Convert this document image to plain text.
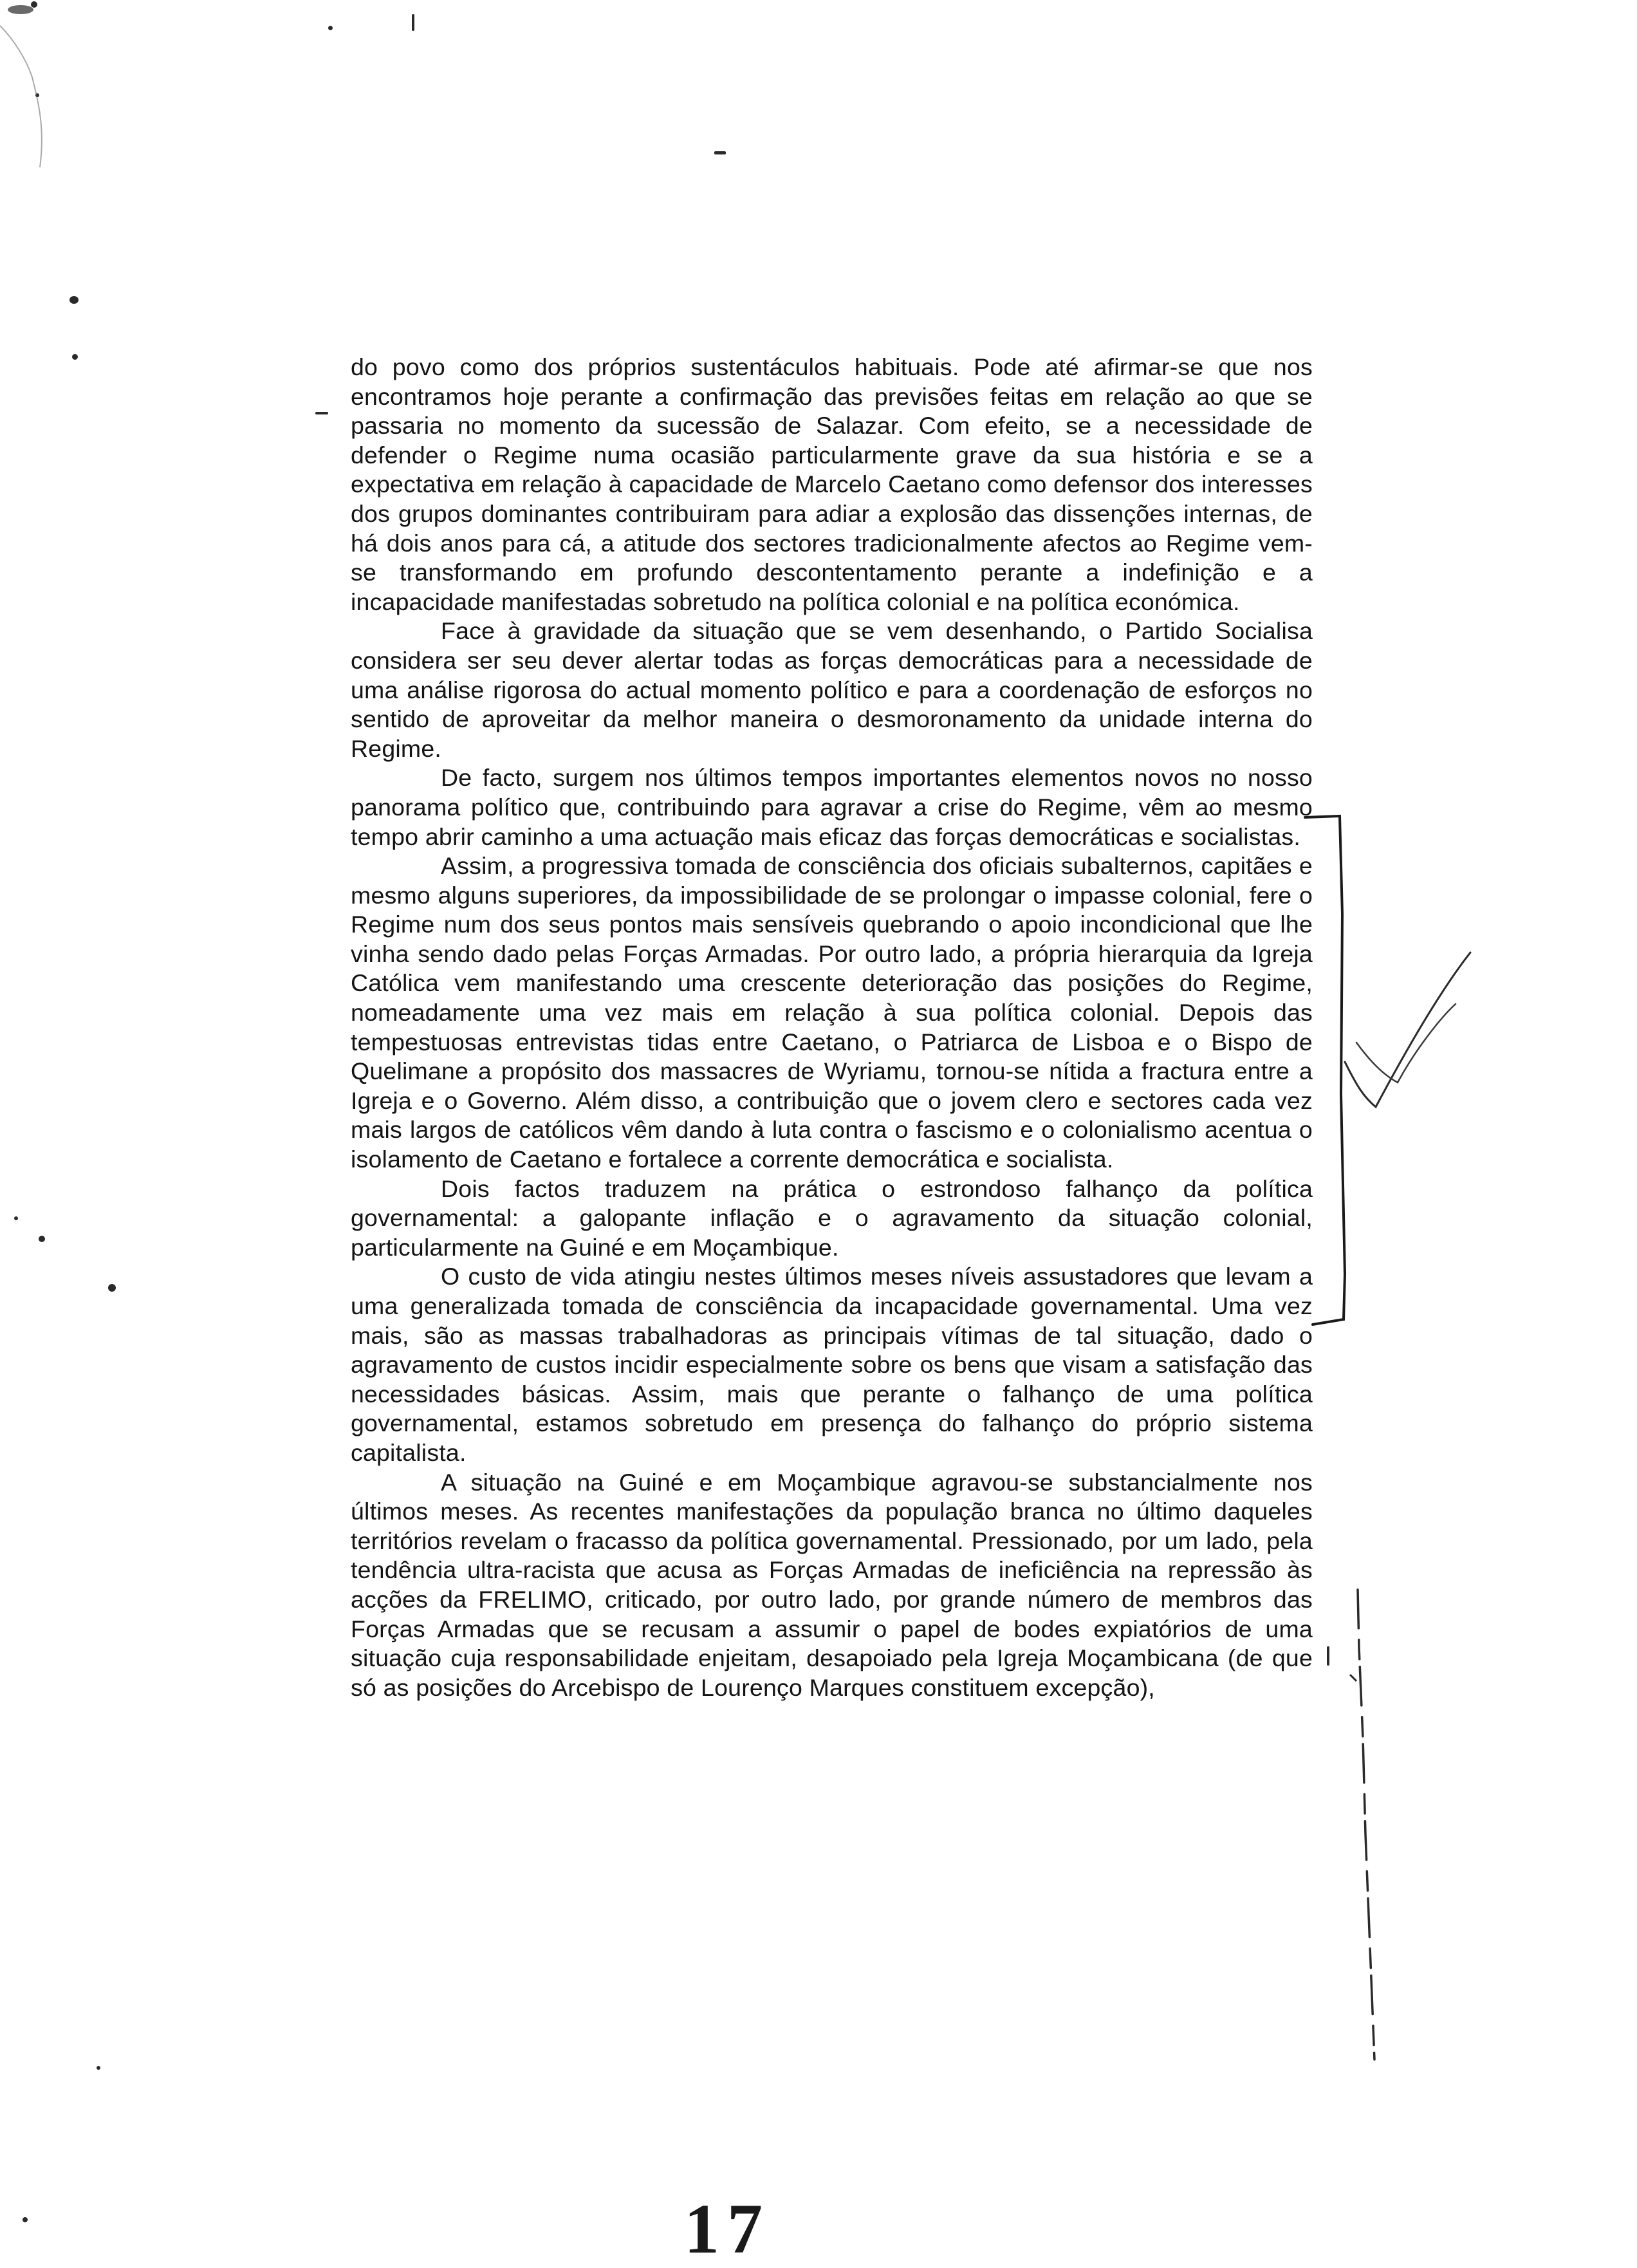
do povo como dos próprios sustentáculos habituais. Pode até afirmar-se que nos encontramos hoje perante a confirmação das previsões feitas em relação ao que se passaria no momento da sucessão de Salazar. Com efeito, se a necessidade de defender o Regime numa ocasião particularmente grave da sua história e se a expectativa em relação à capacidade de Marcelo Caetano como defensor dos interesses dos grupos dominantes contribuiram para adiar a explosão das dissenções internas, de há dois anos para cá, a atitude dos sectores tradicionalmente afectos ao Regime vem-se transformando em profundo descontentamento perante a indefinição e a incapacidade manifestadas sobretudo na política colonial e na política económica.

Face à gravidade da situação que se vem desenhando, o Partido Socialisa considera ser seu dever alertar todas as forças democráticas para a necessidade de uma análise rigorosa do actual momento político e para a coordenação de esforços no sentido de aproveitar da melhor maneira o desmoronamento da unidade interna do Regime.

De facto, surgem nos últimos tempos importantes elementos novos no nosso panorama político que, contribuindo para agravar a crise do Regime, vêm ao mesmo tempo abrir caminho a uma actuação mais eficaz das forças democráticas e socialistas.

Assim, a progressiva tomada de consciência dos oficiais subalternos, capitães e mesmo alguns superiores, da impossibilidade de se prolongar o impasse colonial, fere o Regime num dos seus pontos mais sensíveis quebrando o apoio incondicional que lhe vinha sendo dado pelas Forças Armadas. Por outro lado, a própria hierarquia da Igreja Católica vem manifestando uma crescente deterioração das posições do Regime, nomeadamente uma vez mais em relação à sua política colonial. Depois das tempestuosas entrevistas tidas entre Caetano, o Patriarca de Lisboa e o Bispo de Quelimane a propósito dos massacres de Wyriamu, tornou-se nítida a fractura entre a Igreja e o Governo. Além disso, a contribuição que o jovem clero e sectores cada vez mais largos de católicos vêm dando à luta contra o fascismo e o colonialismo acentua o isolamento de Caetano e fortalece a corrente democrática e socialista.

Dois factos traduzem na prática o estrondoso falhanço da política governamental: a galopante inflação e o agravamento da situação colonial, particularmente na Guiné e em Moçambique.

O custo de vida atingiu nestes últimos meses níveis assustadores que levam a uma generalizada tomada de consciência da incapacidade governamental. Uma vez mais, são as massas trabalhadoras as principais vítimas de tal situação, dado o agravamento de custos incidir especialmente sobre os bens que visam a satisfação das necessidades básicas. Assim, mais que perante o falhanço de uma política governamental, estamos sobretudo em presença do falhanço do próprio sistema capitalista.

A situação na Guiné e em Moçambique agravou-se substancialmente nos últimos meses. As recentes manifestações da população branca no último daqueles territórios revelam o fracasso da política governamental. Pressionado, por um lado, pela tendência ultra-racista que acusa as Forças Armadas de ineficiência na repressão às acções da FRELIMO, criticado, por outro lado, por grande número de membros das Forças Armadas que se recusam a assumir o papel de bodes expiatórios de uma situação cuja responsabilidade enjeitam, desapoiado pela Igreja Moçambicana (de que só as posições do Arcebispo de Lourenço Marques constituem excepção),

17
